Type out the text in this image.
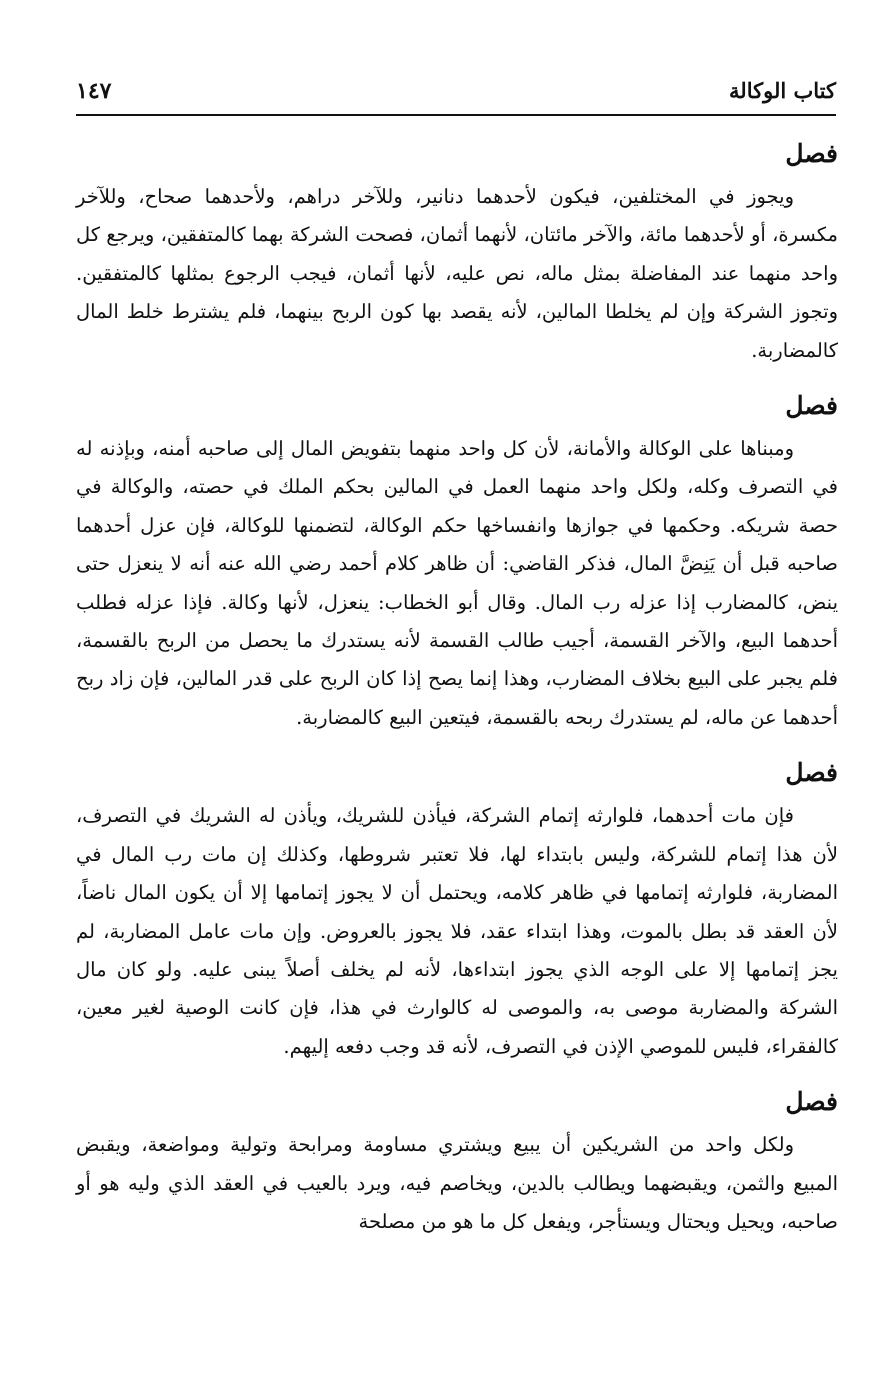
كتاب الوكالة
١٤٧
فصل

ويجوز في المختلفين، فيكون لأحدهما دنانير، وللآخر دراهم، ولأحدهما صحاح، وللآخر مكسرة، أو لأحدهما مائة، والآخر مائتان، لأنهما أثمان، فصحت الشركة بهما كالمتفقين، ويرجع كل واحد منهما عند المفاضلة بمثل ماله، نص عليه، لأنها أثمان، فيجب الرجوع بمثلها كالمتفقين. وتجوز الشركة وإن لم يخلطا المالين، لأنه يقصد بها كون الربح بينهما، فلم يشترط خلط المال كالمضاربة.

فصل

ومبناها على الوكالة والأمانة، لأن كل واحد منهما بتفويض المال إلى صاحبه أمنه، وبإذنه له في التصرف وكله، ولكل واحد منهما العمل في المالين بحكم الملك في حصته، والوكالة في حصة شريكه. وحكمها في جوازها وانفساخها حكم الوكالة، لتضمنها للوكالة، فإن عزل أحدهما صاحبه قبل أن يَنِضَّ المال، فذكر القاضي: أن ظاهر كلام أحمد رضي الله عنه أنه لا ينعزل حتى ينض، كالمضارب إذا عزله رب المال. وقال أبو الخطاب: ينعزل، لأنها وكالة. فإذا عزله فطلب أحدهما البيع، والآخر القسمة، أجيب طالب القسمة لأنه يستدرك ما يحصل من الربح بالقسمة، فلم يجبر على البيع بخلاف المضارب، وهذا إنما يصح إذا كان الربح على قدر المالين، فإن زاد ربح أحدهما عن ماله، لم يستدرك ربحه بالقسمة، فيتعين البيع كالمضاربة.

فصل

فإن مات أحدهما، فلوارثه إتمام الشركة، فيأذن للشريك، ويأذن له الشريك في التصرف، لأن هذا إتمام للشركة، وليس بابتداء لها، فلا تعتبر شروطها، وكذلك إن مات رب المال في المضاربة، فلوارثه إتمامها في ظاهر كلامه، ويحتمل أن لا يجوز إتمامها إلا أن يكون المال ناضاً، لأن العقد قد بطل بالموت، وهذا ابتداء عقد، فلا يجوز بالعروض. وإن مات عامل المضاربة، لم يجز إتمامها إلا على الوجه الذي يجوز ابتداءها، لأنه لم يخلف أصلاً يبنى عليه. ولو كان مال الشركة والمضاربة موصى به، والموصى له كالوارث في هذا، فإن كانت الوصية لغير معين، كالفقراء، فليس للموصي الإذن في التصرف، لأنه قد وجب دفعه إليهم.

فصل

ولكل واحد من الشريكين أن يبيع ويشتري مساومة ومرابحة وتولية ومواضعة، ويقبض المبيع والثمن، ويقبضهما ويطالب بالدين، ويخاصم فيه، ويرد بالعيب في العقد الذي وليه هو أو صاحبه، ويحيل ويحتال ويستأجر، ويفعل كل ما هو من مصلحة
